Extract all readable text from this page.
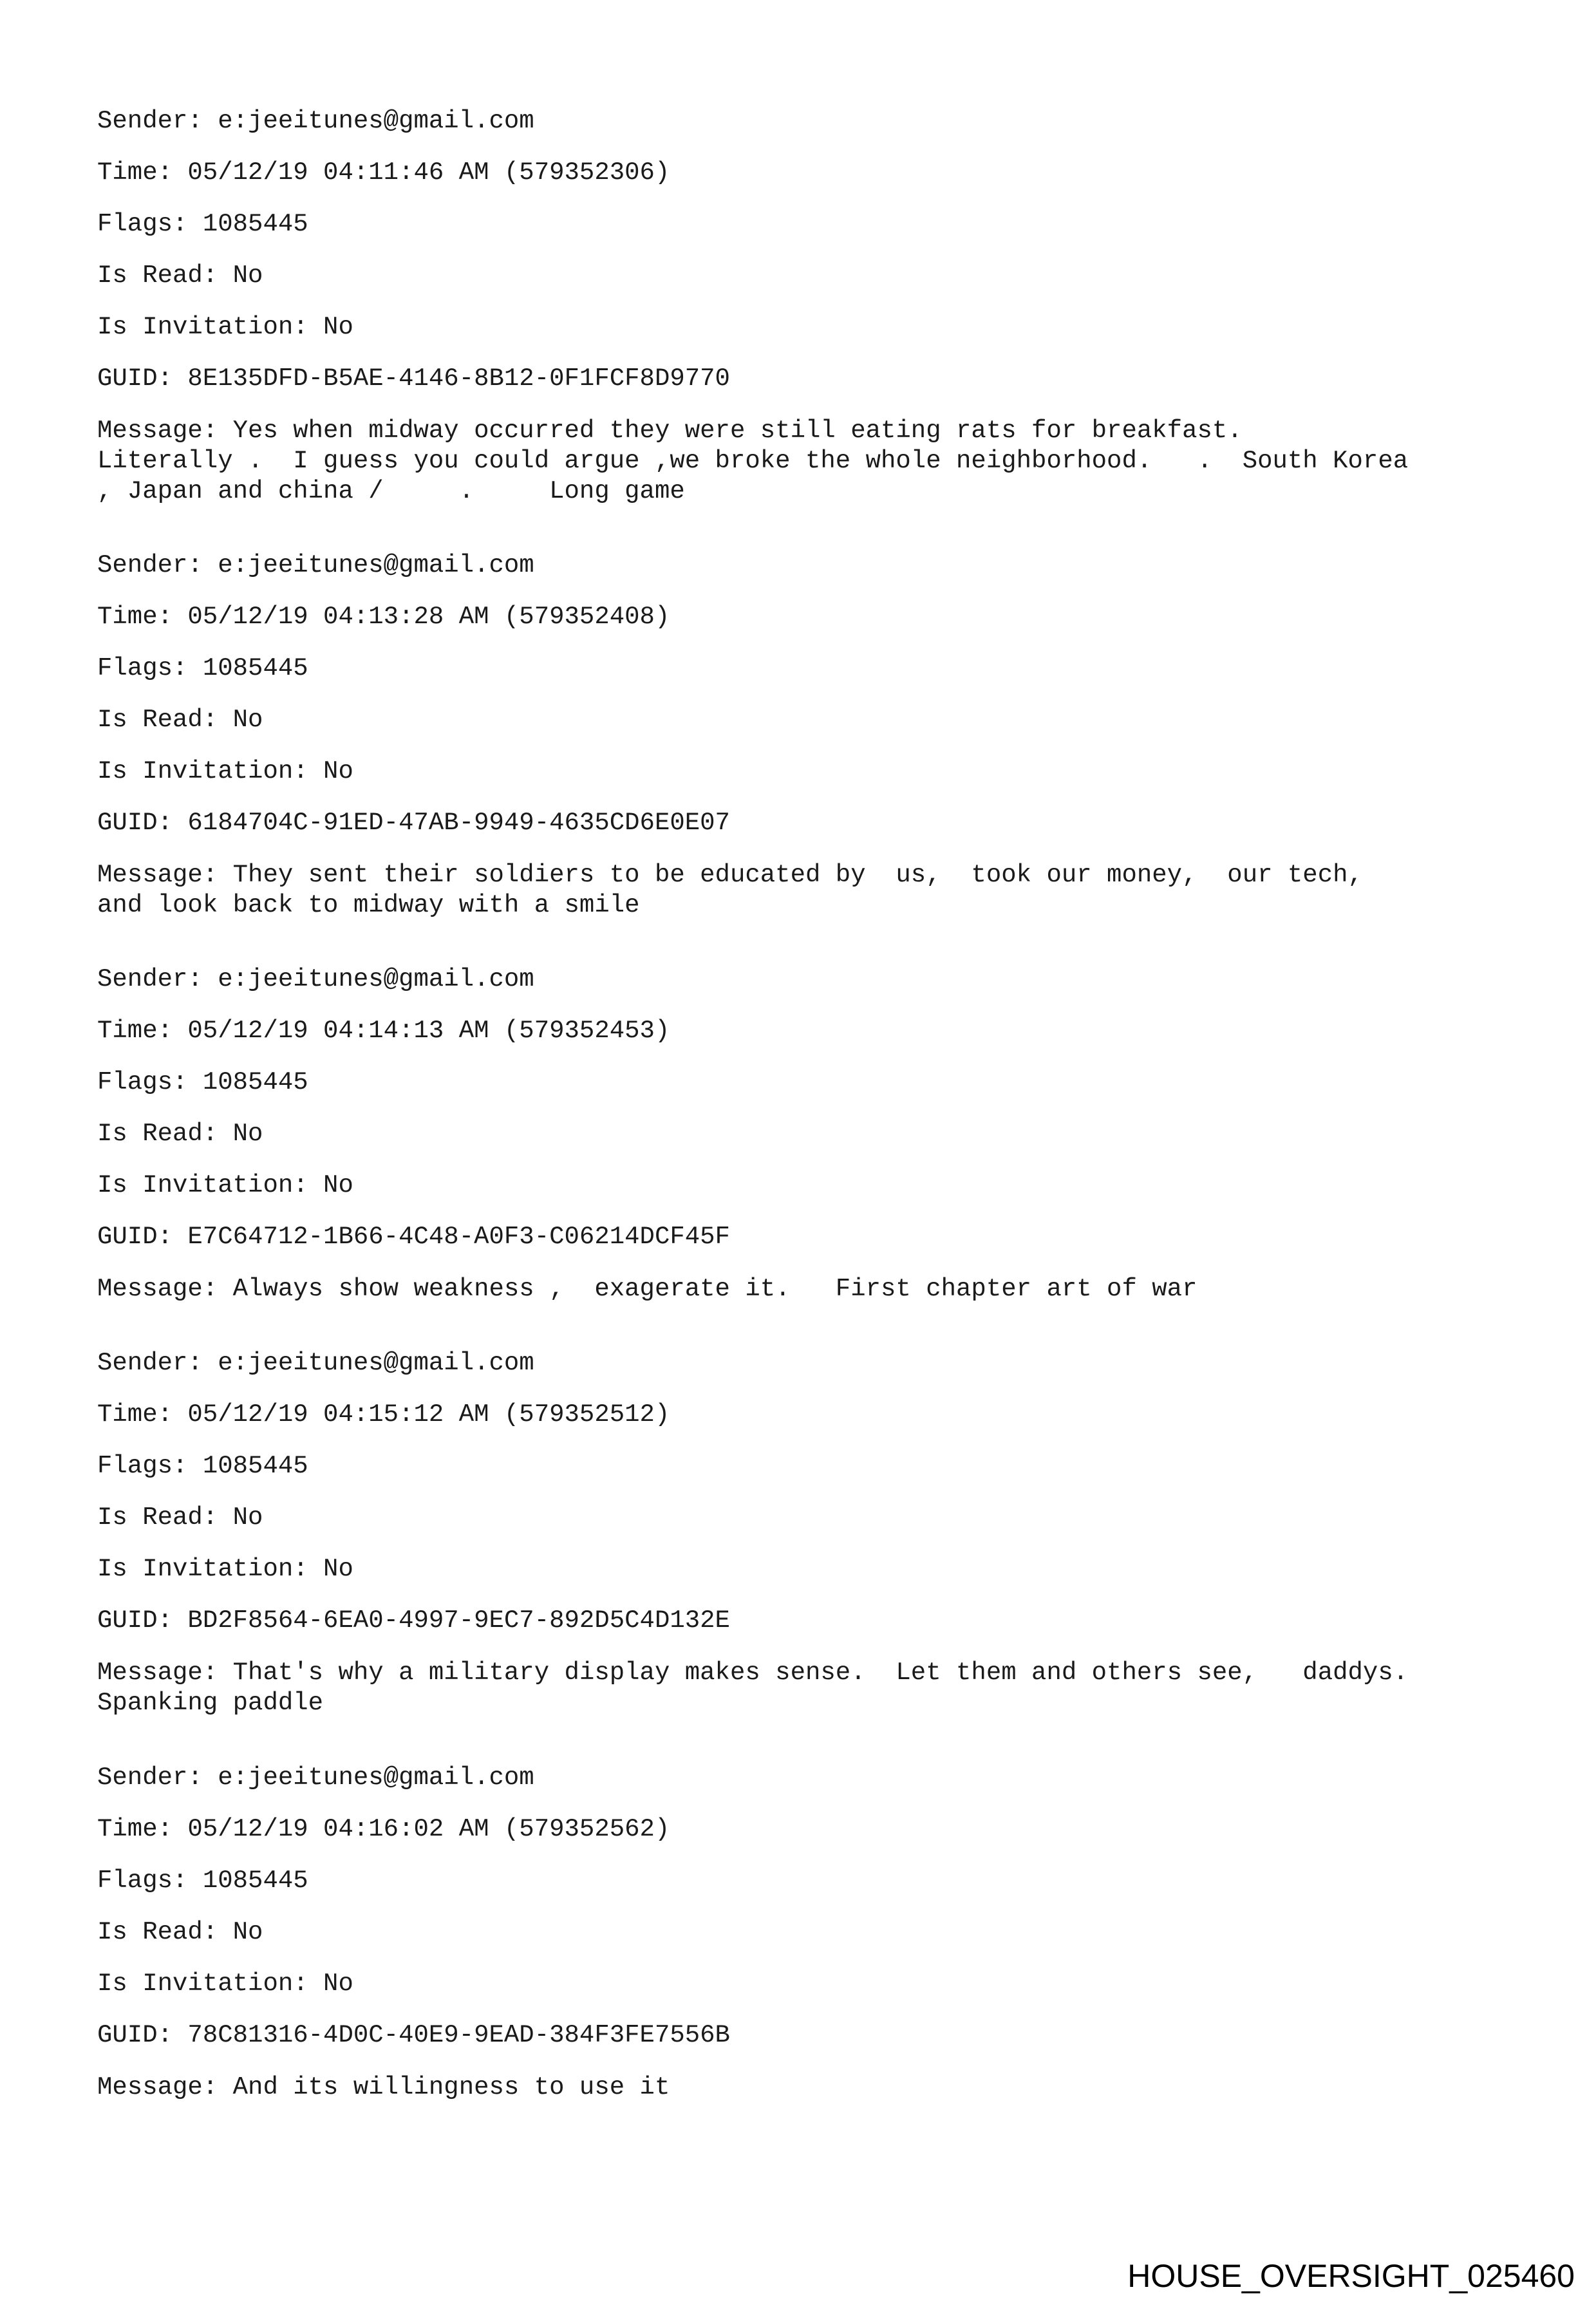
Sender: e:jeeitunes@gmail.com
Time: 05/12/19 04:11:46 AM (579352306)
Flags: 1085445
Is Read: No
Is Invitation: No
GUID: 8E135DFD-B5AE-4146-8B12-0F1FCF8D9770
Message: Yes when midway occurred they were still eating rats for breakfast.
Literally .  I guess you could argue ,we broke the whole neighborhood.   .  South Korea
, Japan and china /     .     Long game
Sender: e:jeeitunes@gmail.com
Time: 05/12/19 04:13:28 AM (579352408)
Flags: 1085445
Is Read: No
Is Invitation: No
GUID: 6184704C-91ED-47AB-9949-4635CD6E0E07
Message: They sent their soldiers to be educated by  us,  took our money,  our tech,
and look back to midway with a smile
Sender: e:jeeitunes@gmail.com
Time: 05/12/19 04:14:13 AM (579352453)
Flags: 1085445
Is Read: No
Is Invitation: No
GUID: E7C64712-1B66-4C48-A0F3-C06214DCF45F
Message: Always show weakness ,  exagerate it.   First chapter art of war
Sender: e:jeeitunes@gmail.com
Time: 05/12/19 04:15:12 AM (579352512)
Flags: 1085445
Is Read: No
Is Invitation: No
GUID: BD2F8564-6EA0-4997-9EC7-892D5C4D132E
Message: That's why a military display makes sense.  Let them and others see,   daddys.
Spanking paddle
Sender: e:jeeitunes@gmail.com
Time: 05/12/19 04:16:02 AM (579352562)
Flags: 1085445
Is Read: No
Is Invitation: No
GUID: 78C81316-4D0C-40E9-9EAD-384F3FE7556B
Message: And its willingness to use it
HOUSE_OVERSIGHT_025460
